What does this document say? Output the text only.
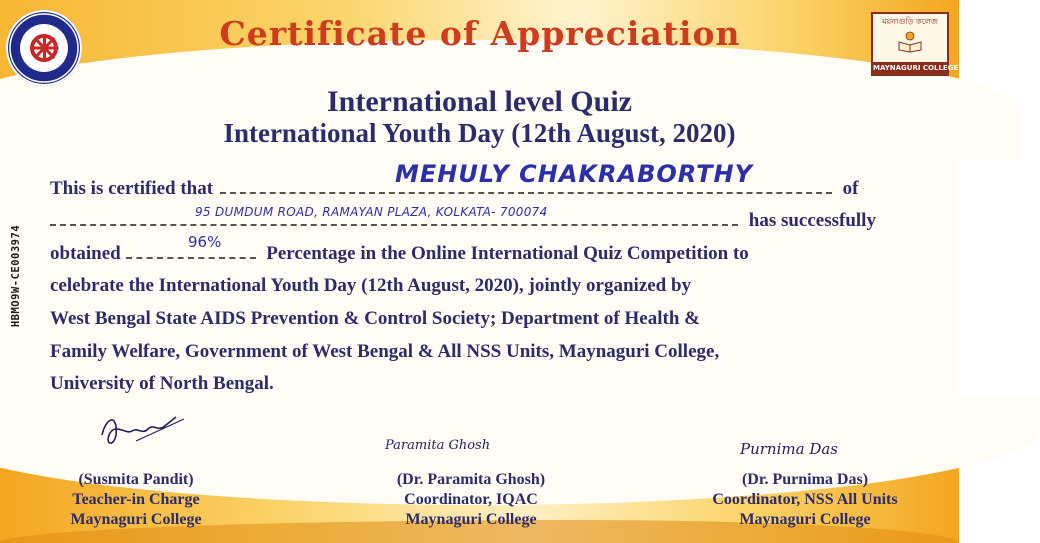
ময়নাগুড়ি কলেজ
MAYNAGURI COLLEGE
Certificate of Appreciation
International level Quiz
International Youth Day (12th August, 2020)
HBMO9W-CE003974
This is certified that	of
MEHULY CHAKRABORTHY
has successfully
95 DUMDUM ROAD, RAMAYAN PLAZA, KOLKATA- 700074
obtained	Percentage in the Online International Quiz Competition to
96%
celebrate the International Youth Day (12th August, 2020), jointly organized by
West Bengal State AIDS Prevention & Control Society; Department of Health &
Family Welfare, Government of West Bengal & All NSS Units, Maynaguri College,
University of North Bengal.
Paramita Ghosh	Purnima Das
(Susmita Pandit)
Teacher-in Charge
Maynaguri College
(Dr. Paramita Ghosh)
Coordinator, IQAC
Maynaguri College
(Dr. Purnima Das)
Coordinator, NSS All Units
Maynaguri College
